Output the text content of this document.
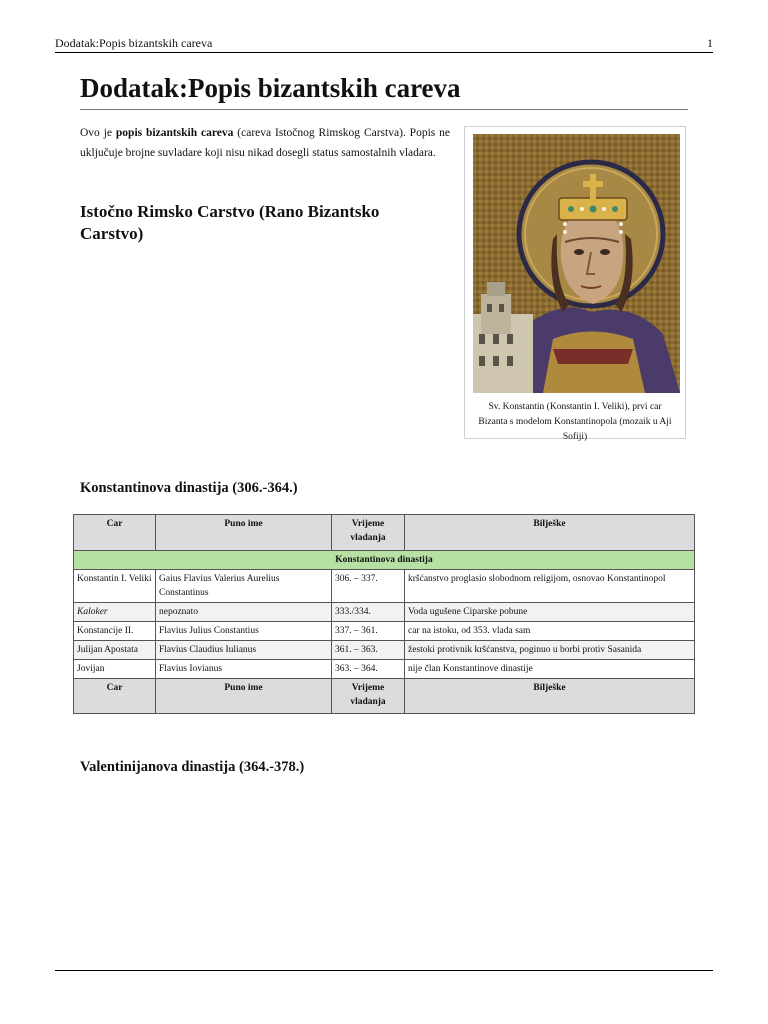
Dodatak:Popis bizantskih careva	1
Dodatak:Popis bizantskih careva

Ovo je popis bizantskih careva (careva Istočnog Rimskog Carstva). Popis ne uključuje brojne suvladare koji nisu nikad dosegli status samostalnih vladara.

Istočno Rimsko Carstvo (Rano Bizantsko Carstvo)
Sv. Konstantin (Konstantin I. Veliki), prvi car Bizanta s modelom Konstantinopola (mozaik u Aji Sofiji)
Konstantinova dinastija (306.-364.)
Car	Puno ime	Vrijeme vladanja	Bilješke
Konstantinova dinastija			
Konstantin I. Veliki	Gaius Flavius Valerius Aurelius Constantinus	306. – 337.	kršćanstvo proglasio slobodnom religijom, osnovao Konstantinopol
Kaloker	nepoznato	333./334.	Voda ugušene Ciparske pobune
Konstancije II.	Flavius Julius Constantius	337. – 361.	car na istoku, od 353. vlada sam
Julijan Apostata	Flavius Claudius Iulianus	361. – 363.	žestoki protivnik kršćanstva, poginuo u borbi protiv Sasanida
Jovijan	Flavius Iovianus	363. – 364.	nije član Konstantinove dinastije
Car	Puno ime	Vrijeme vladanja	Bilješke
Valentinijanova dinastija (364.-378.)
